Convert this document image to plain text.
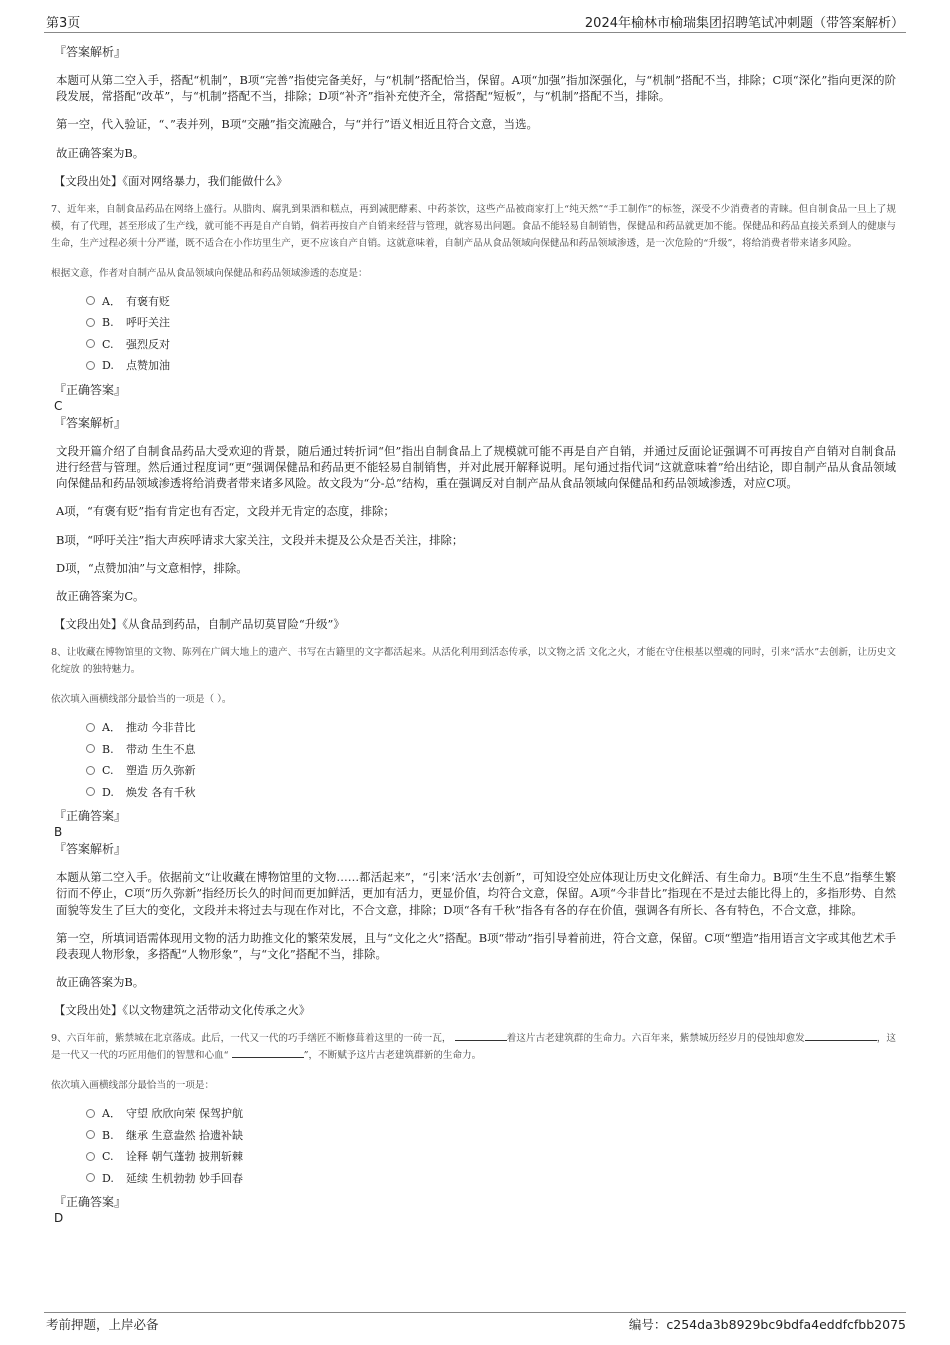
第3页	2024年榆林市榆瑞集团招聘笔试冲刺题（带答案解析）
『答案解析』
本题可从第二空入手，搭配“机制”，B项“完善”指使完备美好，与“机制”搭配恰当，保留。A项“加强”指加深强化，与“机制”搭配不当，排除；C项“深化”指向更深的阶段发展，常搭配“改革”，与“机制”搭配不当，排除；D项“补齐”指补充使齐全，常搭配“短板”，与“机制”搭配不当，排除。
第一空，代入验证，“、”表并列，B项“交融”指交流融合，与“并行”语义相近且符合文意，当选。
故正确答案为B。
【文段出处】《面对网络暴力，我们能做什么》
7、近年来，自制食品药品在网络上盛行。从腊肉、腐乳到果酒和糕点，再到减肥酵素、中药茶饮，这些产品被商家打上“纯天然”“手工制作”的标签，深受不少消费者的青睐。但自制食品一旦上了规模，有了代理，甚至形成了生产线，就可能不再是自产自销，倘若再按自产自销来经营与管理，就容易出问题。食品不能轻易自制销售，保健品和药品就更加不能。保健品和药品直接关系到人的健康与生命，生产过程必须十分严谨，既不适合在小作坊里生产，更不应该自产自销。这就意味着，自制产品从食品领域向保健品和药品领域渗透，是一次危险的“升级”，将给消费者带来诸多风险。
根据文意，作者对自制产品从食品领域向保健品和药品领域渗透的态度是：
A． 有褒有贬
B. 呼吁关注
C. 强烈反对
D. 点赞加油
『正确答案』
C
『答案解析』
文段开篇介绍了自制食品药品大受欢迎的背景，随后通过转折词“但”指出自制食品上了规模就可能不再是自产自销，并通过反面论证强调不可再按自产自销对自制食品进行经营与管理。然后通过程度词“更”强调保健品和药品更不能轻易自制销售，并对此展开解释说明。尾句通过指代词“这就意味着”给出结论，即自制产品从食品领域向保健品和药品领域渗透将给消费者带来诸多风险。故文段为“分-总”结构，重在强调反对自制产品从食品领域向保健品和药品领域渗透，对应C项。
A项，“有褒有贬”指有肯定也有否定，文段并无肯定的态度，排除；
B项，“呼吁关注”指大声疾呼请求大家关注，文段并未提及公众是否关注，排除；
D项，“点赞加油”与文意相悖，排除。
故正确答案为C。
【文段出处】《从食品到药品，自制产品切莫冒险“升级”》
8、让收藏在博物馆里的文物、陈列在广阔大地上的遗产、书写在古籍里的文字都活起来。从活化利用到活态传承，以文物之活 文化之火，才能在守住根基以塑魂的同时，引来“活水”去创新，让历史文化绽放 的独特魅力。
依次填入画横线部分最恰当的一项是（ ）。
A． 推动 今非昔比
B. 带动 生生不息
C. 塑造 历久弥新
D. 焕发 各有千秋
『正确答案』
B
『答案解析』
本题从第二空入手。依据前文“让收藏在博物馆里的文物……都活起来”，“引来‘活水’去创新”，可知设空处应体现让历史文化鲜活、有生命力。B项“生生不息”指孳生繁衍而不停止，C项“历久弥新”指经历长久的时间而更加鲜活，更加有活力，更显价值，均符合文意，保留。A项“今非昔比”指现在不是过去能比得上的，多指形势、自然面貌等发生了巨大的变化，文段并未将过去与现在作对比，不合文意，排除；D项“各有千秋”指各有各的存在价值，强调各有所长、各有特色，不合文意，排除。
第一空，所填词语需体现用文物的活力助推文化的繁荣发展，且与“文化之火”搭配。B项“带动”指引导着前进，符合文意，保留。C项“塑造”指用语言文字或其他艺术手段表现人物形象，多搭配“人物形象”，与“文化”搭配不当，排除。
故正确答案为B。
【文段出处】《以文物建筑之活带动文化传承之火》
9、六百年前，紫禁城在北京落成。此后，一代又一代的巧手缮匠不断修葺着这里的一砖一瓦，	着这片古老建筑群的生命力。六百年来，紫禁城历经岁月的侵蚀却愈发	，这是一代又一代的巧匠用他们的智慧和心血“	”，不断赋予这片古老建筑群新的生命力。
依次填入画横线部分最恰当的一项是：
A． 守望 欣欣向荣 保驾护航
B. 继承 生意盎然 拾遗补缺
C. 诠释 朝气蓬勃 披荆斩棘
D. 延续 生机勃勃 妙手回春
『正确答案』
D
考前押题，上岸必备	编号：c254da3b8929bc9bdfa4eddfcfbb2075
